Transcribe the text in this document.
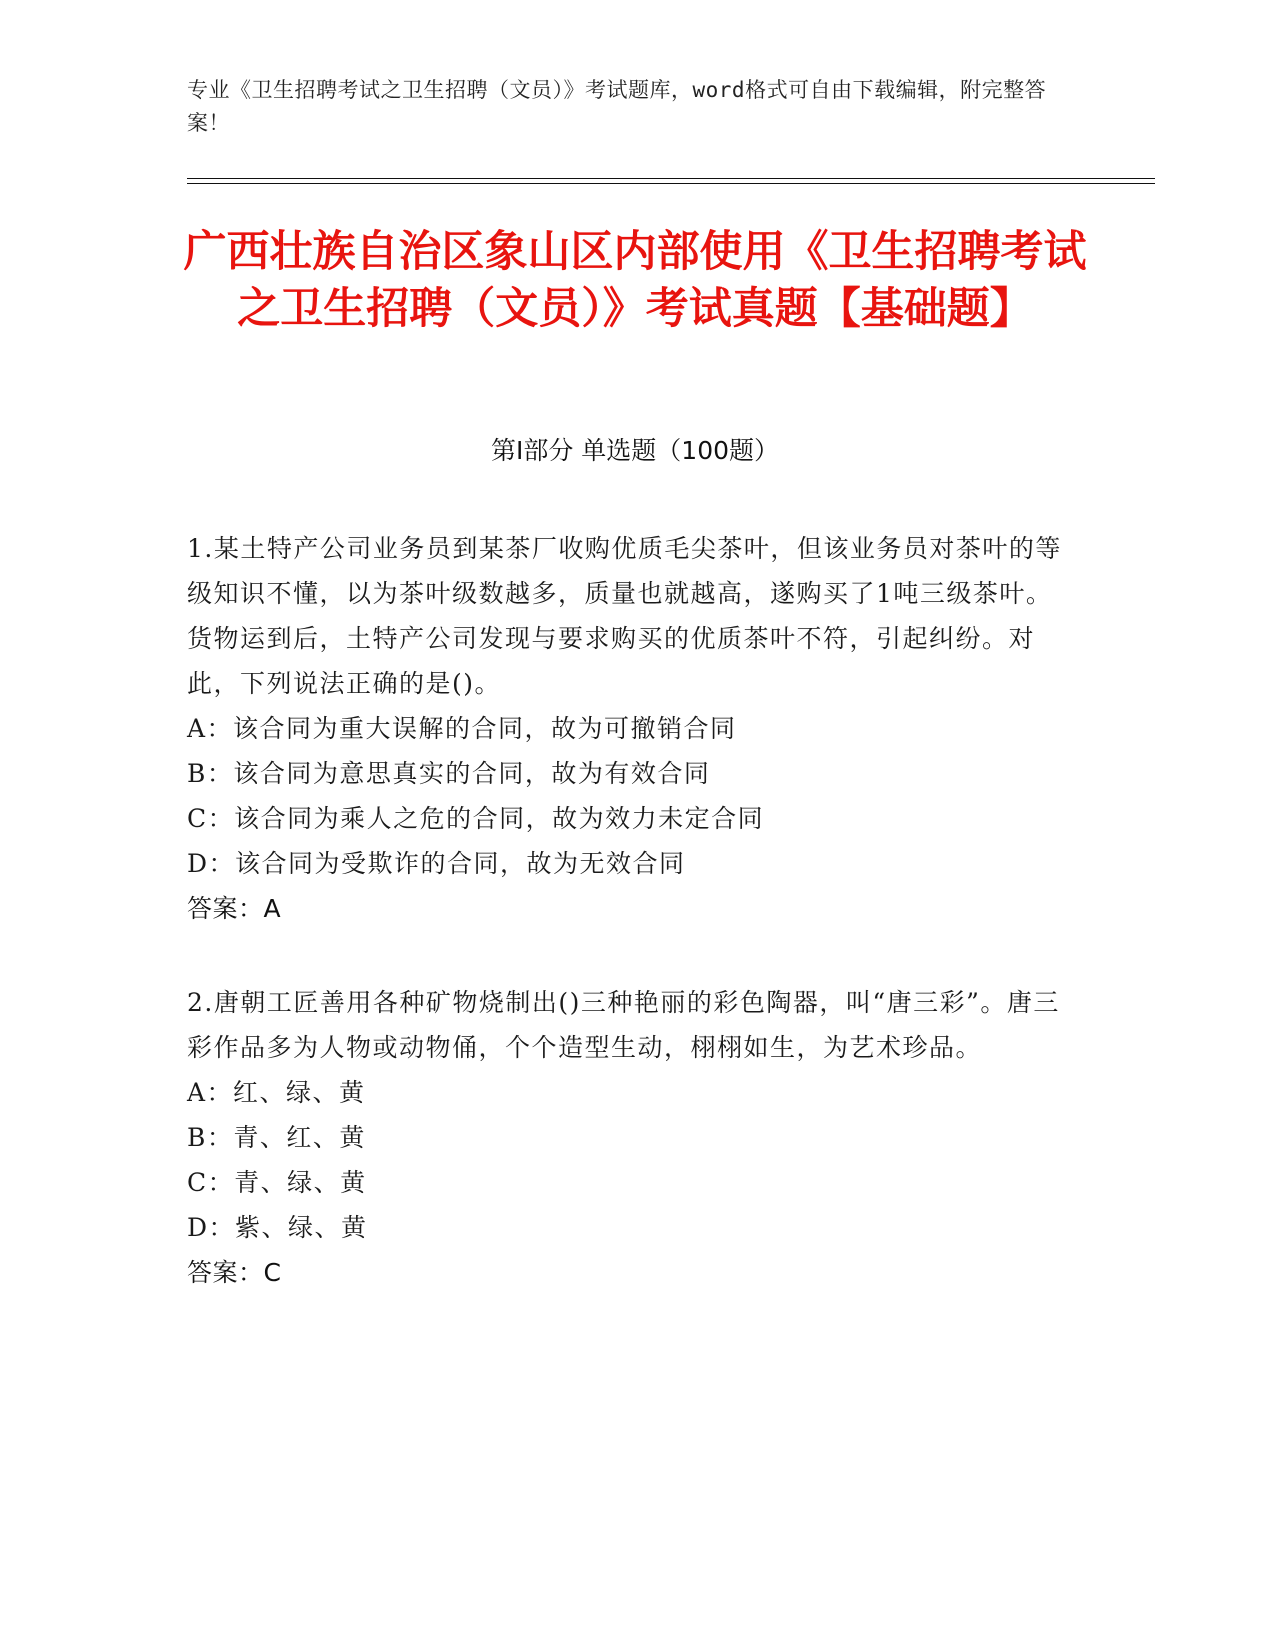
专业《卫生招聘考试之卫生招聘（文员）》考试题库，word格式可自由下载编辑，附完整答案！
广西壮族自治区象山区内部使用《卫生招聘考试之卫生招聘（文员）》考试真题【基础题】
第Ⅰ部分 单选题（100题）

1.某土特产公司业务员到某茶厂收购优质毛尖茶叶，但该业务员对茶叶的等级知识不懂，以为茶叶级数越多，质量也就越高，遂购买了1吨三级茶叶。货物运到后，土特产公司发现与要求购买的优质茶叶不符，引起纠纷。对此，下列说法正确的是()。

A：该合同为重大误解的合同，故为可撤销合同

B：该合同为意思真实的合同，故为有效合同

C：该合同为乘人之危的合同，故为效力未定合同

D：该合同为受欺诈的合同，故为无效合同

答案：A

2.唐朝工匠善用各种矿物烧制出()三种艳丽的彩色陶器，叫“唐三彩”。唐三彩作品多为人物或动物俑，个个造型生动，栩栩如生，为艺术珍品。

A：红、绿、黄

B：青、红、黄

C：青、绿、黄

D：紫、绿、黄

答案：C
